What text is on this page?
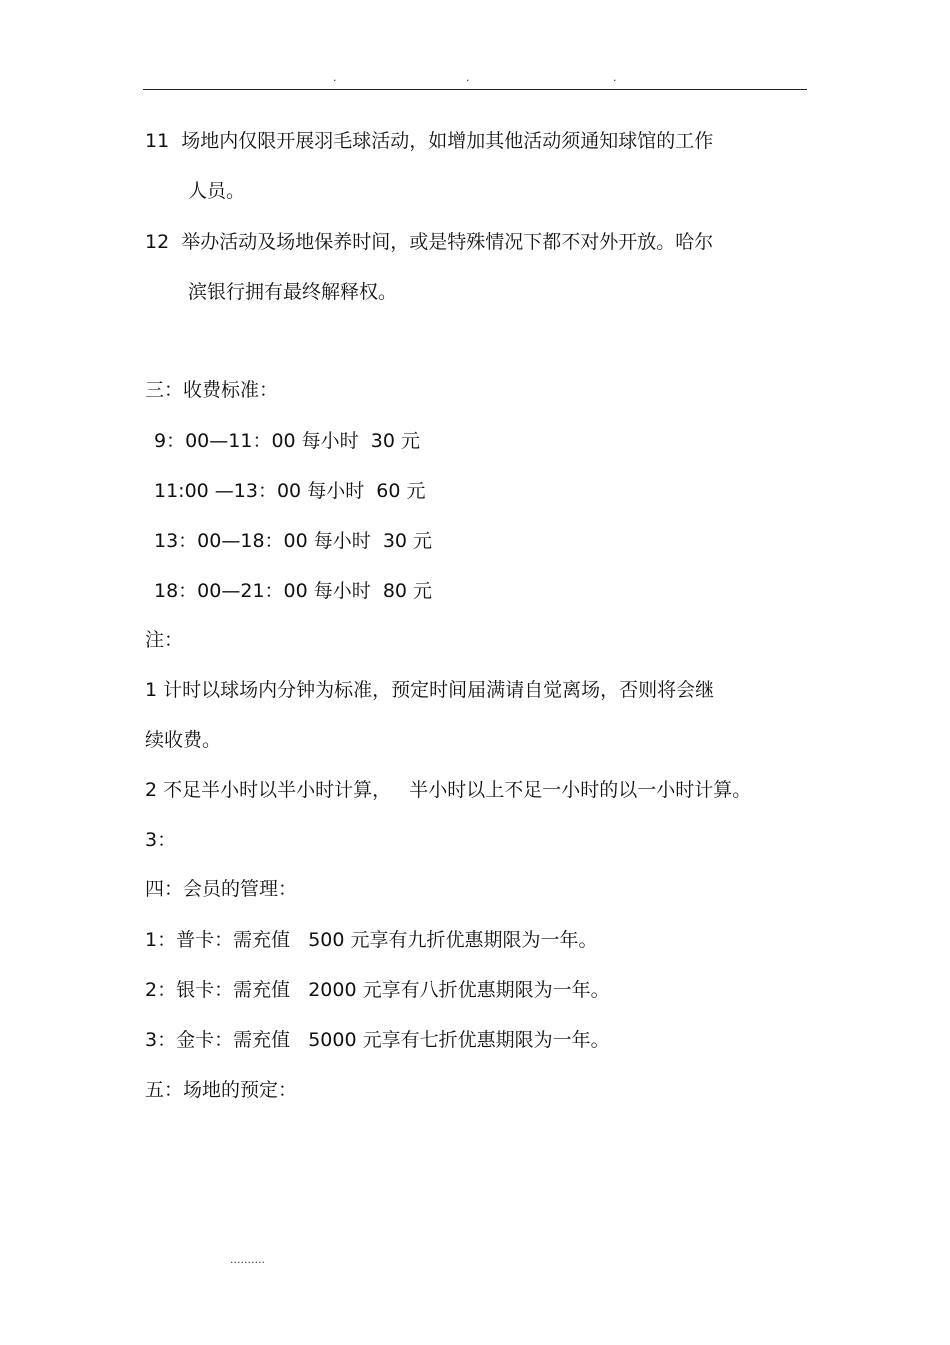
.	.	.
11  场地内仅限开展羽毛球活动，如增加其他活动须通知球馆的工作
人员。
12  举办活动及场地保养时间，或是特殊情况下都不对外开放。哈尔
滨银行拥有最终解释权。
三：收费标准：
9：00—11：00 每小时  30 元
11:00 —13：00 每小时  60 元
13：00—18：00 每小时  30 元
18：00—21：00 每小时  80 元
注：
1 计时以球场内分钟为标准，预定时间届满请自觉离场，否则将会继
续收费。
2 不足半小时以半小时计算，   半小时以上不足一小时的以一小时计算。
3：
四：会员的管理：
1：普卡：需充值   500 元享有九折优惠期限为一年。
2：银卡：需充值   2000 元享有八折优惠期限为一年。
3：金卡：需充值   5000 元享有七折优惠期限为一年。
五：场地的预定：
..........
